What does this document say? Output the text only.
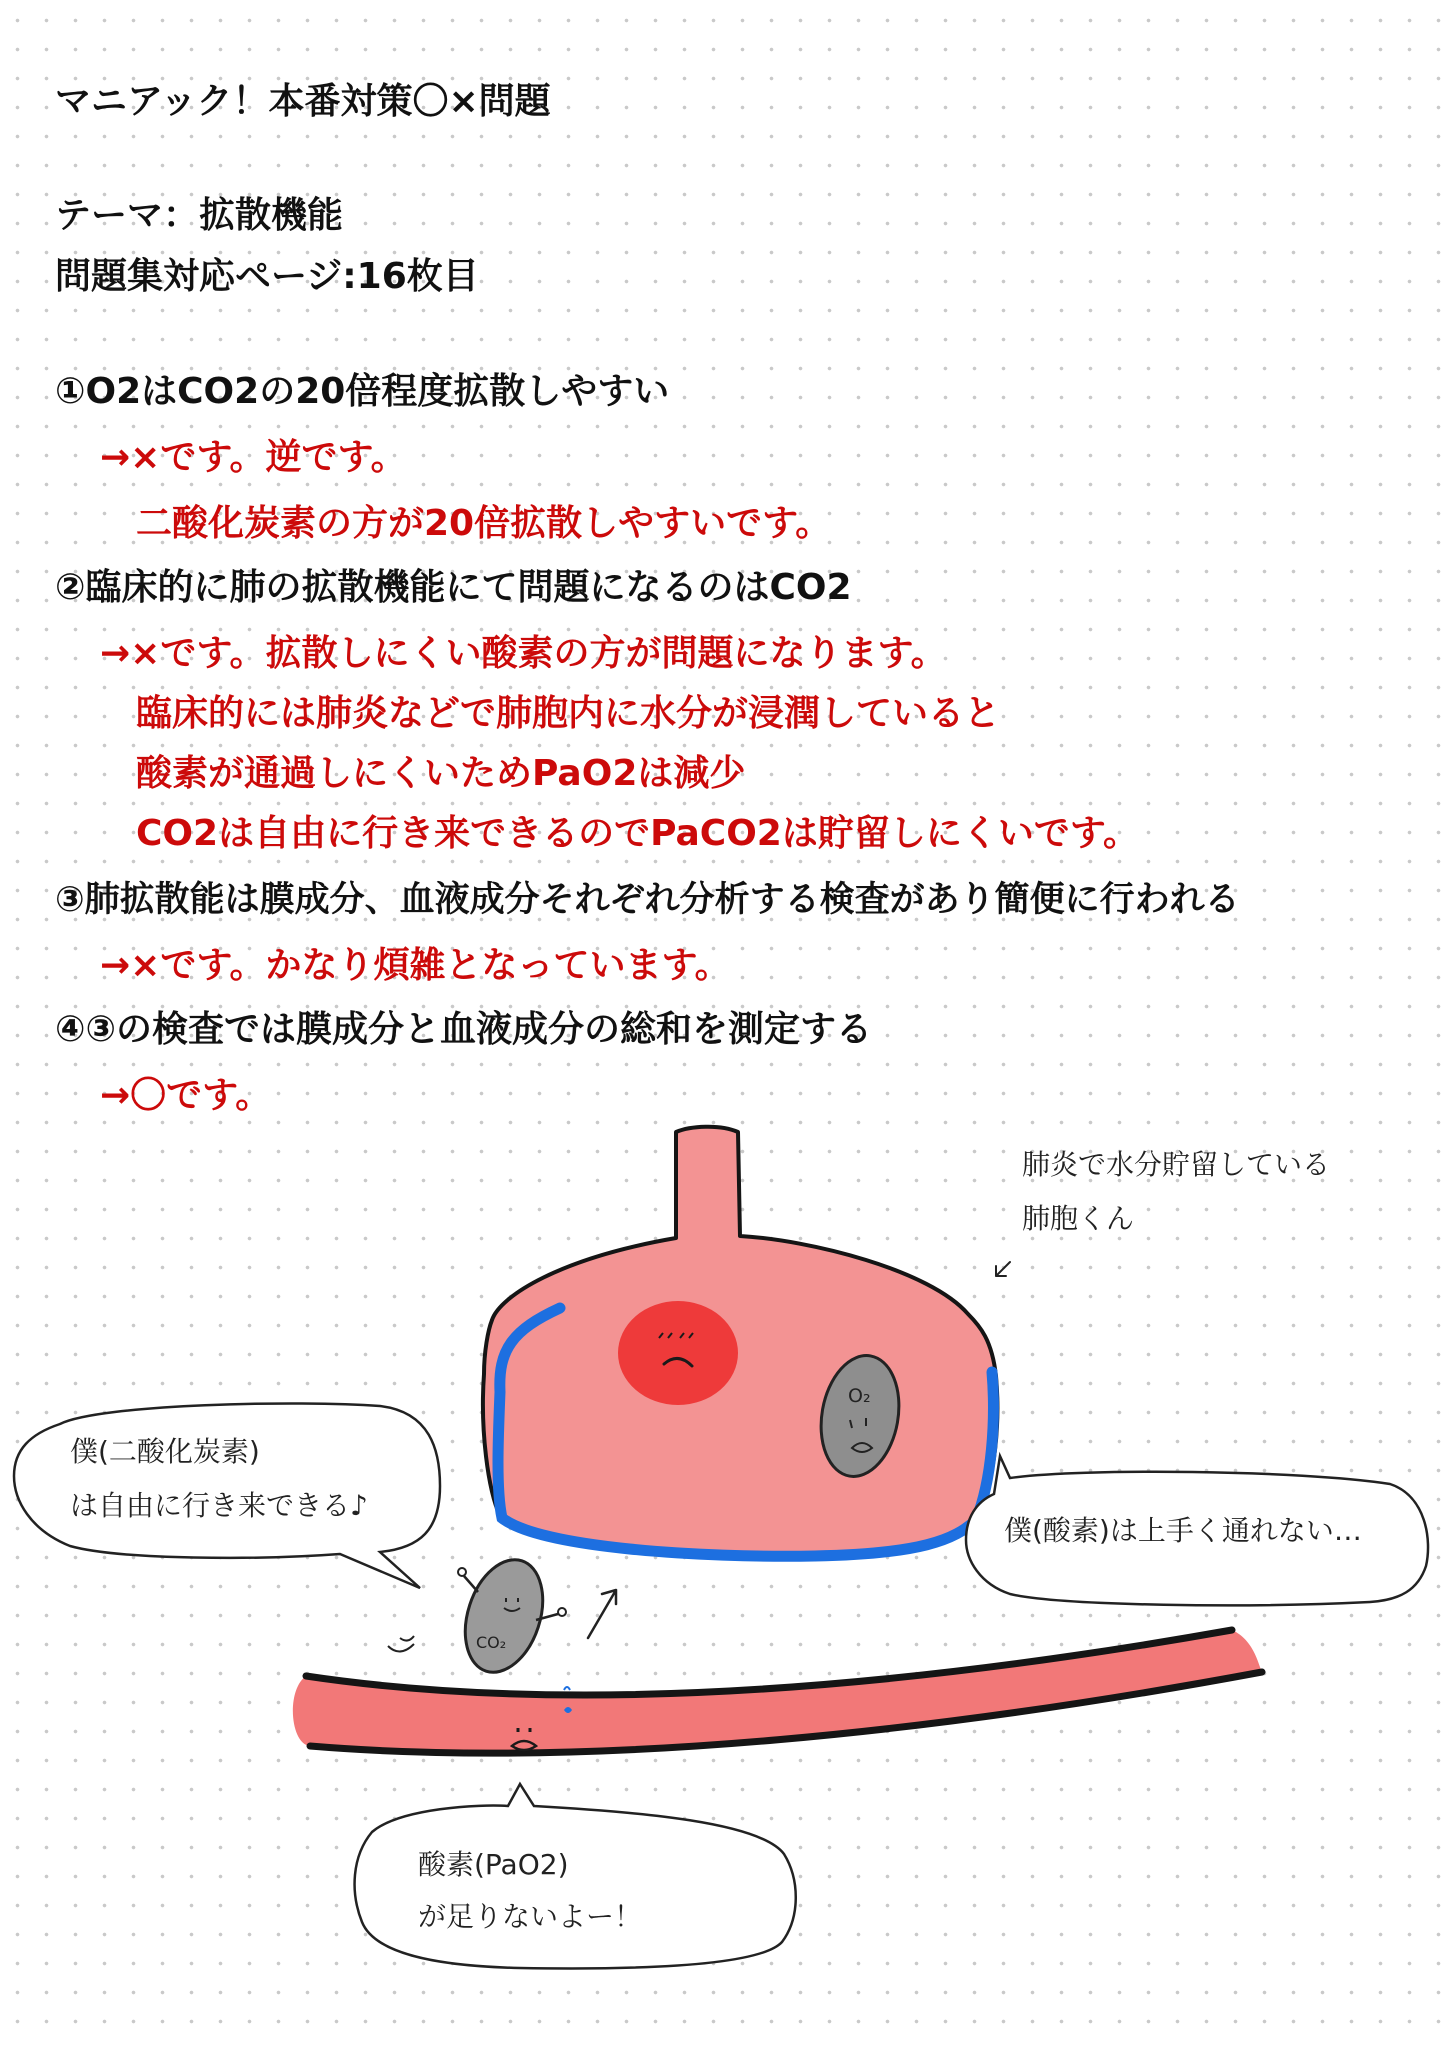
マニアック！本番対策〇×問題
テーマ：拡散機能
問題集対応ページ:16枚目
①O2はCO2の20倍程度拡散しやすい
→×です。逆です。
二酸化炭素の方が20倍拡散しやすいです。
②臨床的に肺の拡散機能にて問題になるのはCO2
→×です。拡散しにくい酸素の方が問題になります。
臨床的には肺炎などで肺胞内に水分が浸潤していると
酸素が通過しにくいためPaO2は減少
CO2は自由に行き来できるのでPaCO2は貯留しにくいです。
③肺拡散能は膜成分、血液成分それぞれ分析する検査があり簡便に行われる
→×です。かなり煩雑となっています。
④③の検査では膜成分と血液成分の総和を測定する
→〇です。
O₂
CO₂
肺炎で水分貯留している
肺胞くん
僕(二酸化炭素)
は自由に行き来できる♪
僕(酸素)は上手く通れない…
酸素(PaO2)
が足りないよー！
